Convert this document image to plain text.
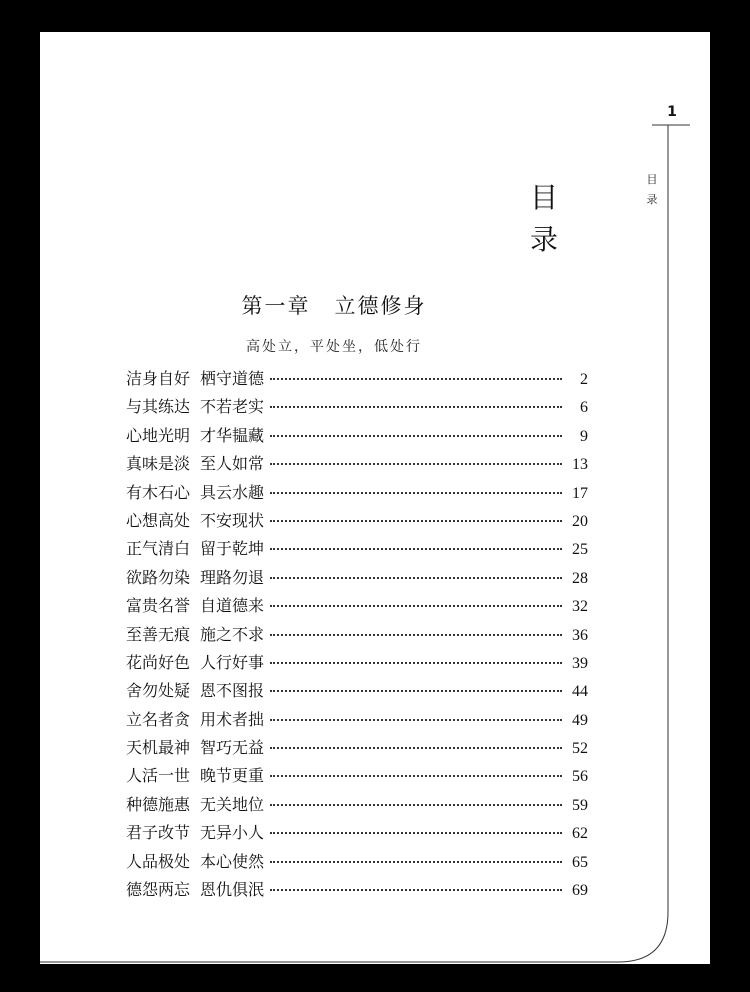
1
目
录
目
录
第一章 立德修身
高处立，平处坐，低处行
洁身自好 栖守道德	2
与其练达 不若老实	6
心地光明 才华韫藏	9
真味是淡 至人如常	13
有木石心 具云水趣	17
心想高处 不安现状	20
正气清白 留于乾坤	25
欲路勿染 理路勿退	28
富贵名誉 自道德来	32
至善无痕 施之不求	36
花尚好色 人行好事	39
舍勿处疑 恩不图报	44
立名者贪 用术者拙	49
天机最神 智巧无益	52
人活一世 晚节更重	56
种德施惠 无关地位	59
君子改节 无异小人	62
人品极处 本心使然	65
德怨两忘 恩仇俱泯	69
